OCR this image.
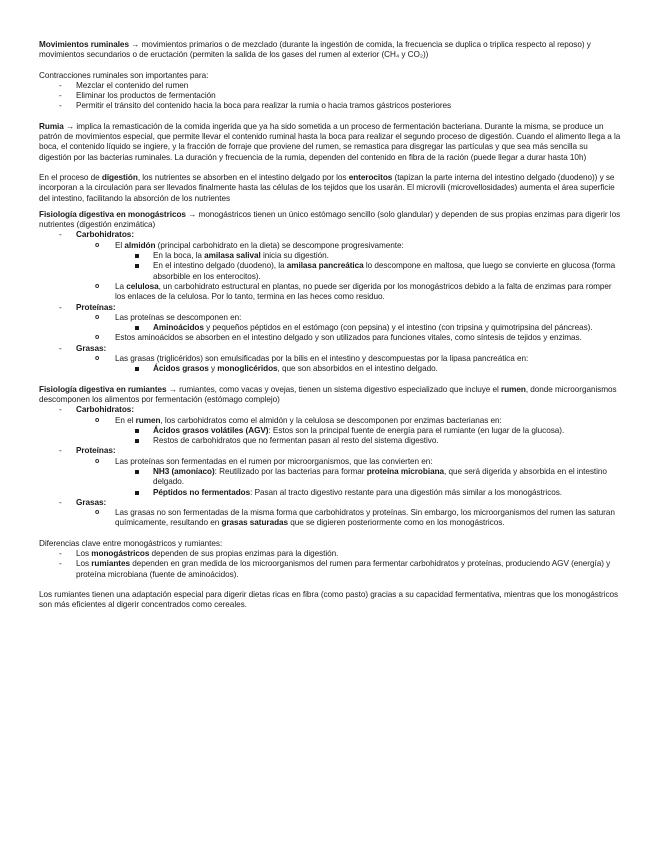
Movimientos ruminales → movimientos primarios o de mezclado (durante la ingestión de comida, la frecuencia se duplica o triplica respecto al reposo) y movimientos secundarios o de eructación (permiten la salida de los gases del rumen al exterior (CH₄ y CO₂))

Contracciones ruminales son importantes para:

- Mezclar el contenido del rumen
- Eliminar los productos de fermentación
- Permitir el tránsito del contenido hacia la boca para realizar la rumia o hacia tramos gástricos posteriores

Rumia → implica la remasticación de la comida ingerida que ya ha sido sometida a un proceso de fermentación bacteriana. Durante la misma, se produce un patrón de movimientos especial, que permite llevar el contenido ruminal hasta la boca para realizar el segundo proceso de digestión. Cuando el alimento llega a la boca, el contenido líquido se ingiere, y la fracción de forraje que proviene del rumen, se remastica para disgregar las partículas y que sea más sencilla su digestión por las bacterias ruminales. La duración y frecuencia de la rumia, dependen del contenido en fibra de la ración (puede llegar a durar hasta 10h)

En el proceso de digestión, los nutrientes se absorben en el intestino delgado por los enterocitos (tapizan la parte interna del intestino delgado (duodeno)) y se incorporan a la circulación para ser llevados finalmente hasta las células de los tejidos que los usarán. El microvili (microvellosidades) aumenta el área superficie del intestino, facilitando la absorción de los nutrientes

Fisiología digestiva en monogástricos → monogástricos tienen un único estómago sencillo (solo glandular) y dependen de sus propias enzimas para digerir los nutrientes (digestión enzimática)

- Carbohidratos:
o El almidón (principal carbohidrato en la dieta) se descompone progresivamente:
En la boca, la amilasa salival inicia su digestión.
En el intestino delgado (duodeno), la amilasa pancreática lo descompone en maltosa, que luego se convierte en glucosa (forma absorbible en los enterocitos).
o La celulosa, un carbohidrato estructural en plantas, no puede ser digerida por los monogástricos debido a la falta de enzimas para romper los enlaces de la celulosa. Por lo tanto, termina en las heces como residuo.
- Proteínas:
o Las proteínas se descomponen en:
Aminoácidos y pequeños péptidos en el estómago (con pepsina) y el intestino (con tripsina y quimotripsina del páncreas).
o Estos aminoácidos se absorben en el intestino delgado y son utilizados para funciones vitales, como síntesis de tejidos y enzimas.
- Grasas:
o Las grasas (triglicéridos) son emulsificadas por la bilis en el intestino y descompuestas por la lipasa pancreática en:
Ácidos grasos y monoglicéridos, que son absorbidos en el intestino delgado.

Fisiología digestiva en rumiantes → rumiantes, como vacas y ovejas, tienen un sistema digestivo especializado que incluye el rumen, donde microorganismos descomponen los alimentos por fermentación (estómago complejo)

- Carbohidratos:
o En el rumen, los carbohidratos como el almidón y la celulosa se descomponen por enzimas bacterianas en:
Ácidos grasos volátiles (AGV): Estos son la principal fuente de energía para el rumiante (en lugar de la glucosa).
Restos de carbohidratos que no fermentan pasan al resto del sistema digestivo.
- Proteínas:
o Las proteínas son fermentadas en el rumen por microorganismos, que las convierten en:
NH3 (amoníaco): Reutilizado por las bacterias para formar proteína microbiana, que será digerida y absorbida en el intestino delgado.
Péptidos no fermentados: Pasan al tracto digestivo restante para una digestión más similar a los monogástricos.
- Grasas:
o Las grasas no son fermentadas de la misma forma que carbohidratos y proteínas. Sin embargo, los microorganismos del rumen las saturan químicamente, resultando en grasas saturadas que se digieren posteriormente como en los monogástricos.

Diferencias clave entre monogástricos y rumiantes:

- Los monogástricos dependen de sus propias enzimas para la digestión.
- Los rumiantes dependen en gran medida de los microorganismos del rumen para fermentar carbohidratos y proteínas, produciendo AGV (energía) y proteína microbiana (fuente de aminoácidos).

Los rumiantes tienen una adaptación especial para digerir dietas ricas en fibra (como pasto) gracias a su capacidad fermentativa, mientras que los monogástricos son más eficientes al digerir concentrados como cereales.
